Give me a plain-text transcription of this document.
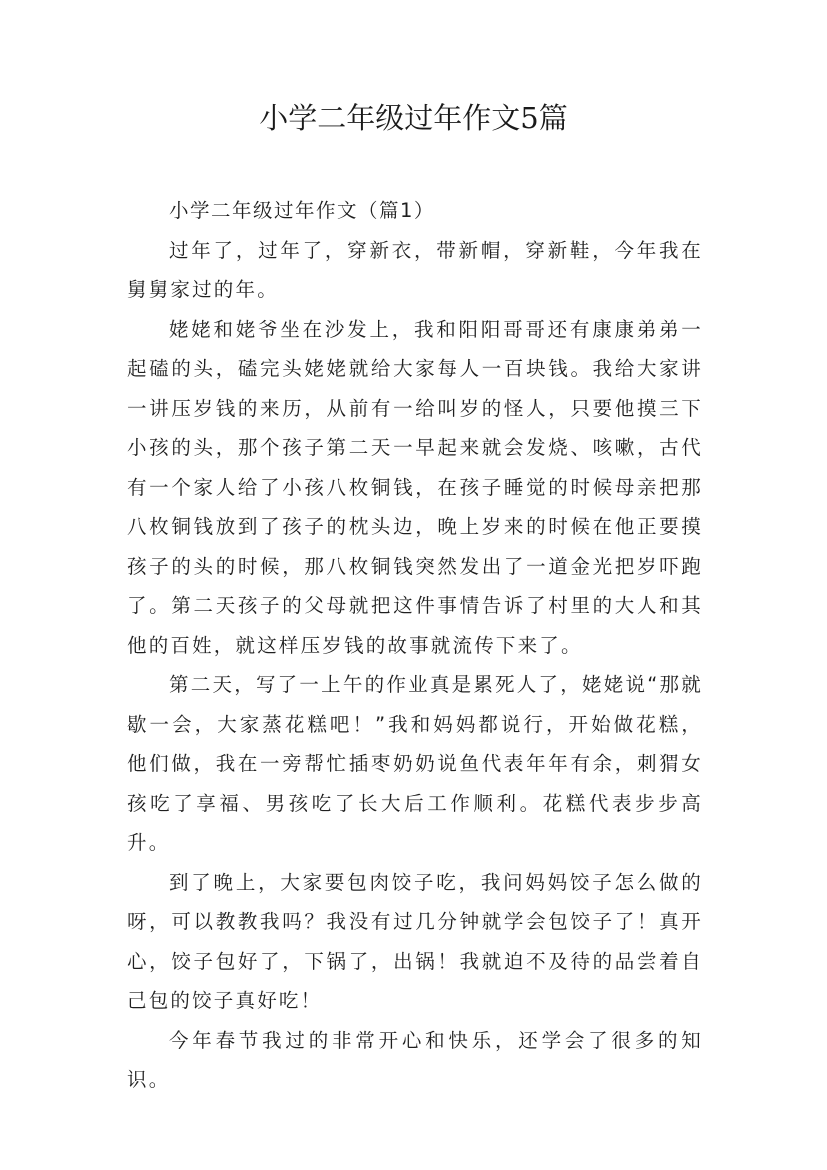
小学二年级过年作文5篇

小学二年级过年作文（篇1）

过年了，过年了，穿新衣，带新帽，穿新鞋，今年我在舅舅家过的年。

姥姥和姥爷坐在沙发上，我和阳阳哥哥还有康康弟弟一起磕的头，磕完头姥姥就给大家每人一百块钱。我给大家讲一讲压岁钱的来历，从前有一给叫岁的怪人，只要他摸三下小孩的头，那个孩子第二天一早起来就会发烧、咳嗽，古代有一个家人给了小孩八枚铜钱，在孩子睡觉的时候母亲把那八枚铜钱放到了孩子的枕头边，晚上岁来的时候在他正要摸孩子的头的时候，那八枚铜钱突然发出了一道金光把岁吓跑了。第二天孩子的父母就把这件事情告诉了村里的大人和其他的百姓，就这样压岁钱的故事就流传下来了。

第二天，写了一上午的作业真是累死人了，姥姥说“那就歇一会，大家蒸花糕吧！”我和妈妈都说行，开始做花糕，他们做，我在一旁帮忙插枣奶奶说鱼代表年年有余，刺猬女孩吃了享福、男孩吃了长大后工作顺利。花糕代表步步高升。

到了晚上，大家要包肉饺子吃，我问妈妈饺子怎么做的呀，可以教教我吗？我没有过几分钟就学会包饺子了！真开心，饺子包好了，下锅了，出锅！我就迫不及待的品尝着自己包的饺子真好吃！

今年春节我过的非常开心和快乐，还学会了很多的知识。
